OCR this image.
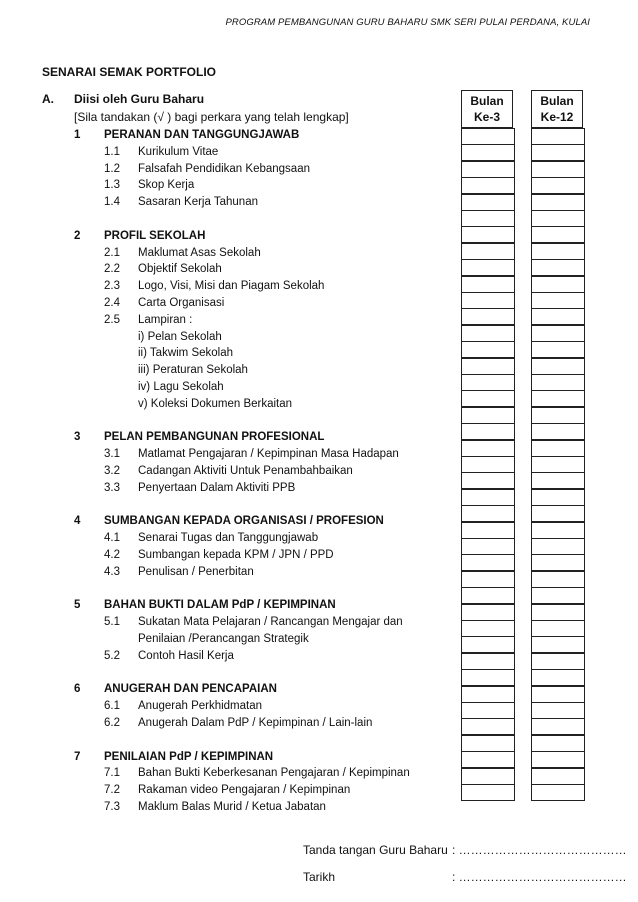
PROGRAM PEMBANGUNAN GURU BAHARU SMK SERI PULAI PERDANA, KULAI
SENARAI SEMAK PORTFOLIO
A. Diisi oleh Guru Baharu
[Sila tandakan (√ ) bagi perkara yang telah lengkap]
1 PERANAN DAN TANGGUNGJAWAB
1.1 Kurikulum Vitae
1.2 Falsafah Pendidikan Kebangsaan
1.3 Skop Kerja
1.4 Sasaran Kerja Tahunan
2 PROFIL SEKOLAH
2.1 Maklumat Asas Sekolah
2.2 Objektif Sekolah
2.3 Logo, Visi, Misi dan Piagam Sekolah
2.4 Carta Organisasi
2.5 Lampiran :
i) Pelan Sekolah
ii) Takwim Sekolah
iii) Peraturan Sekolah
iv) Lagu Sekolah
v) Koleksi Dokumen Berkaitan
3 PELAN PEMBANGUNAN PROFESIONAL
3.1 Matlamat Pengajaran / Kepimpinan Masa Hadapan
3.2 Cadangan Aktiviti Untuk Penambahbaikan
3.3 Penyertaan Dalam Aktiviti PPB
4 SUMBANGAN KEPADA ORGANISASI / PROFESION
4.1 Senarai Tugas dan Tanggungjawab
4.2 Sumbangan kepada KPM / JPN / PPD
4.3 Penulisan / Penerbitan
5 BAHAN BUKTI DALAM PdP / KEPIMPINAN
5.1 Sukatan Mata Pelajaran / Rancangan Mengajar dan
Penilaian /Perancangan Strategik
5.2 Contoh Hasil Kerja
6 ANUGERAH DAN PENCAPAIAN
6.1 Anugerah Perkhidmatan
6.2 Anugerah Dalam PdP / Kepimpinan / Lain-lain
7 PENILAIAN PdP / KEPIMPINAN
7.1 Bahan Bukti Keberkesanan Pengajaran / Kepimpinan
7.2 Rakaman video Pengajaran / Kepimpinan
7.3 Maklum Balas Murid / Ketua Jabatan
Bulan
Ke-3
Bulan
Ke-12
Tanda tangan Guru Baharu : ……………………………………
Tarikh	: ……………………………………
